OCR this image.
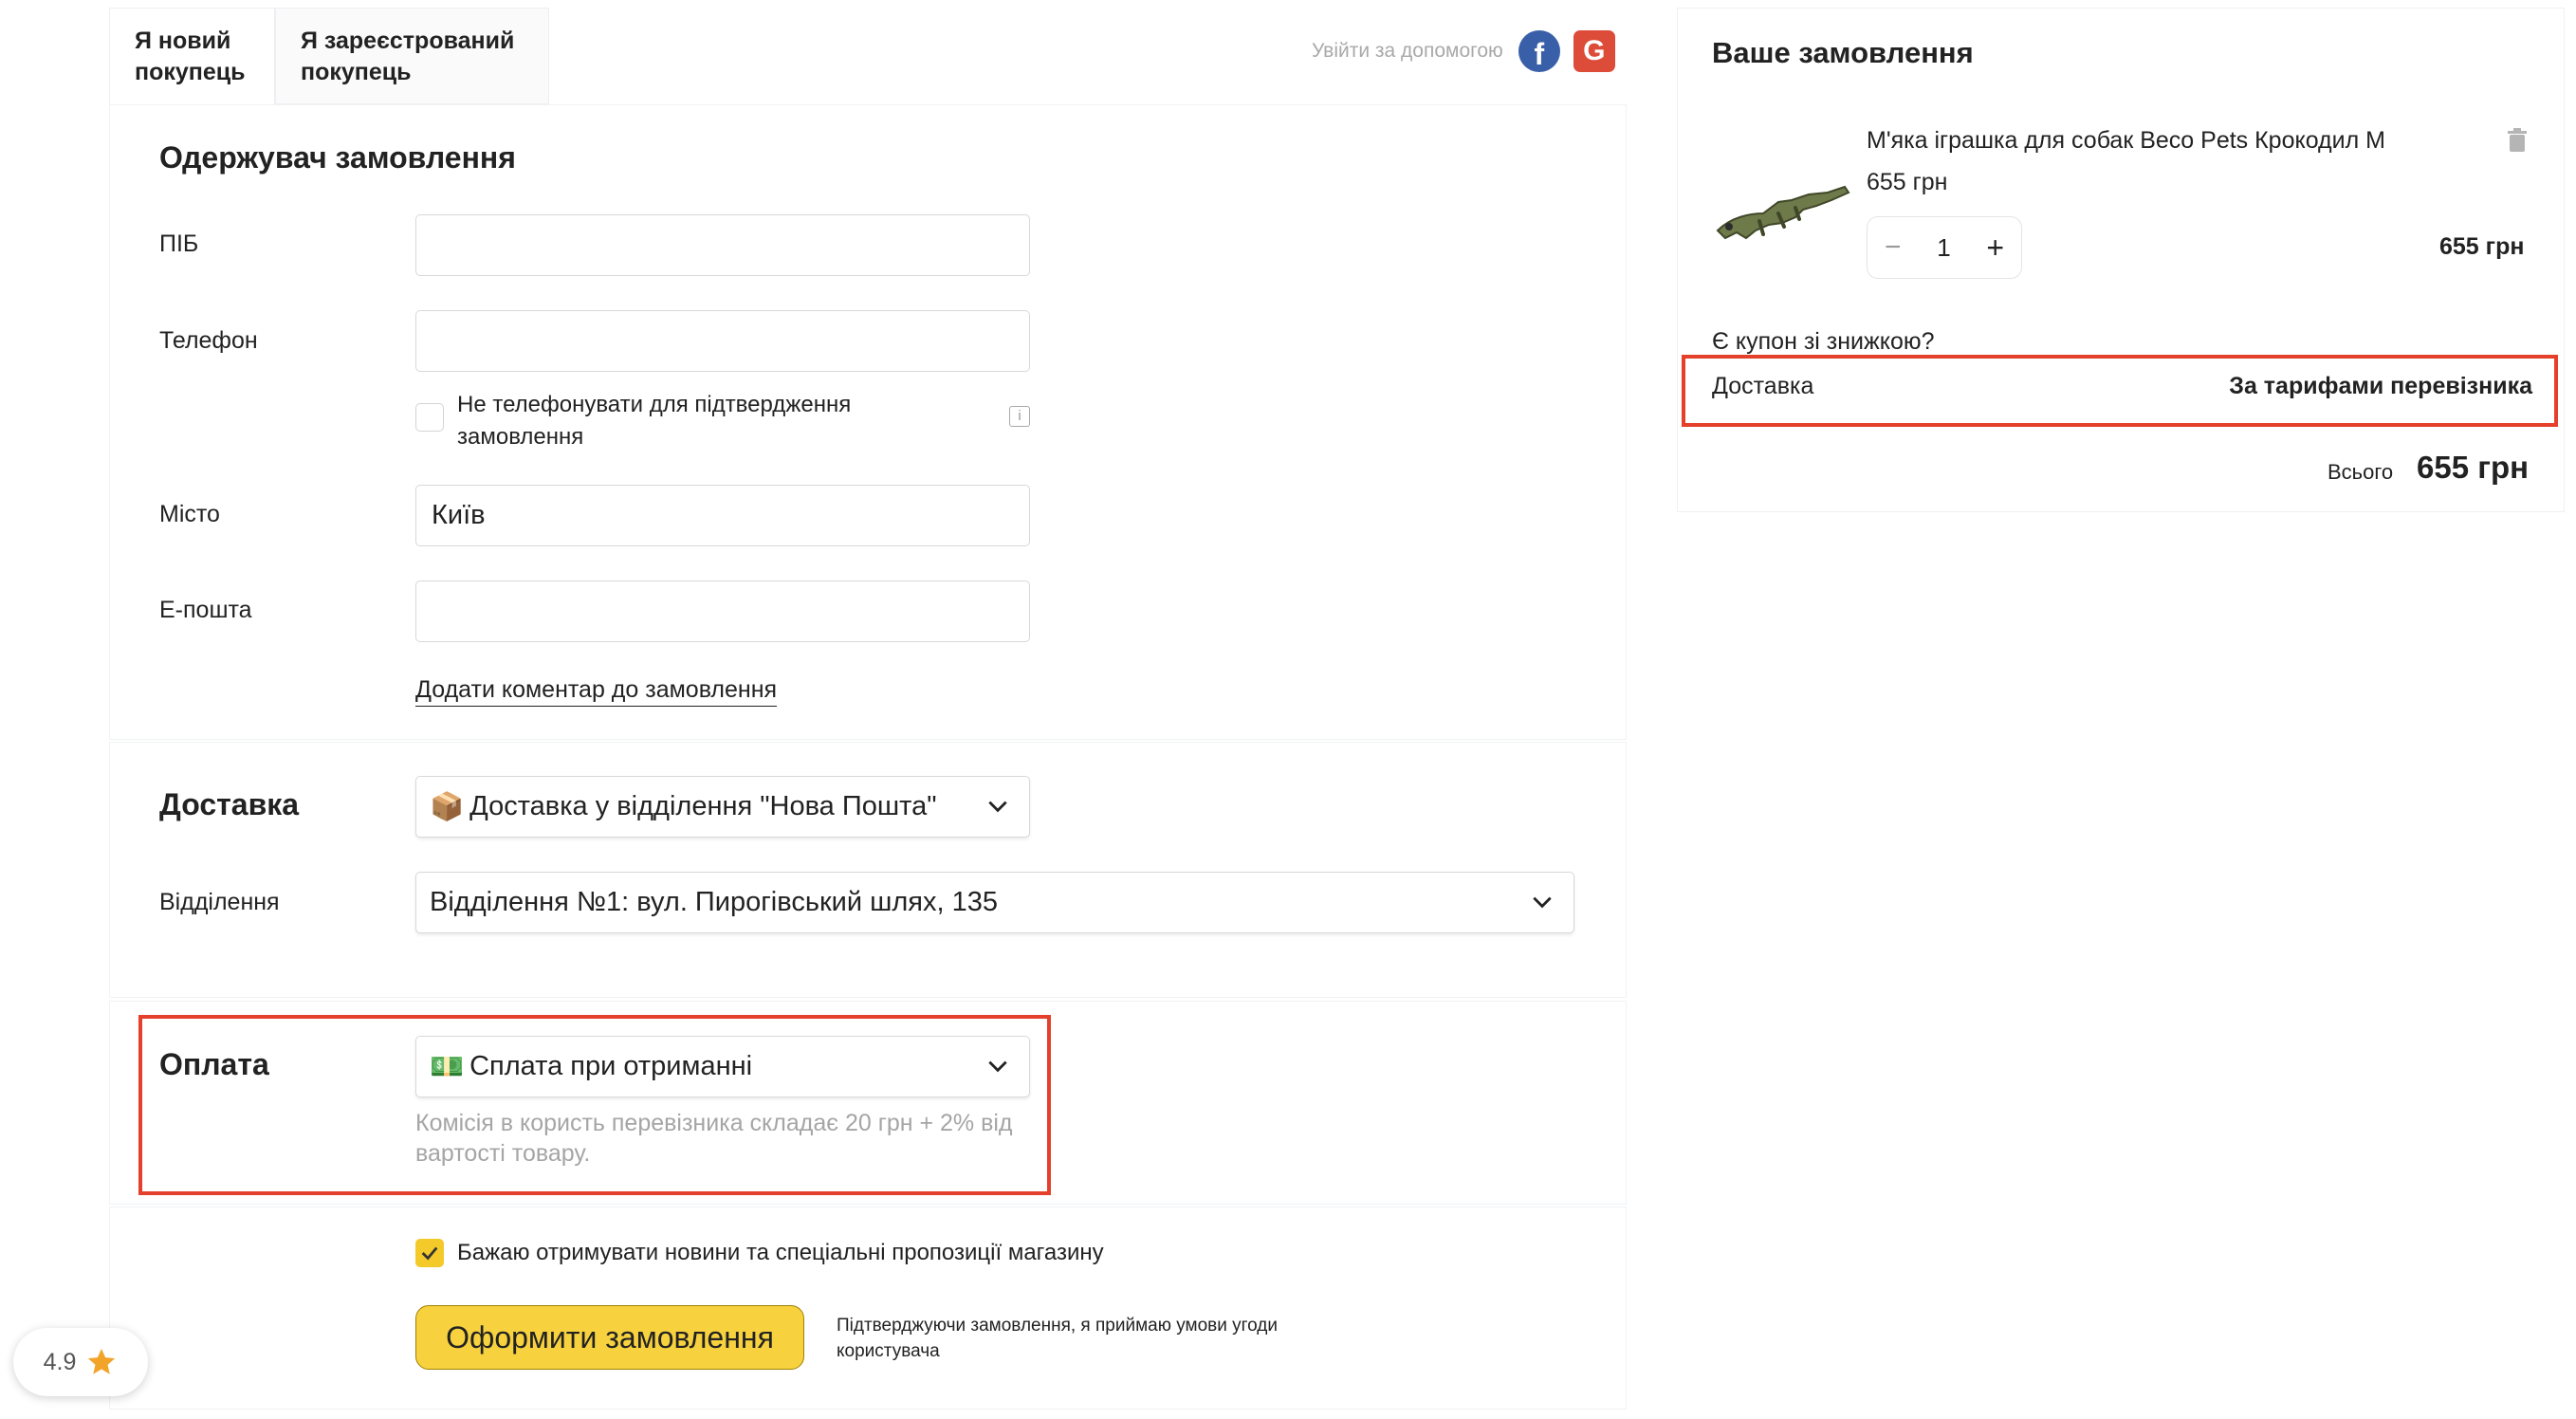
Я новий покупець
Я зареєстрований покупець
Увійти за допомогою	f	G
Одержувач замовлення
ПІБ
Телефон
Не телефонувати для підтвердження замовлення
i
Місто	Київ
E-пошта
Додати коментар до замовлення
Доставка	📦 Доставка у відділення "Нова Пошта"
Відділення	Відділення №1: вул. Пирогівський шлях, 135
Оплата	💵 Сплата при отриманні
Комісія в користь перевізника складає 20 грн + 2% від вартості товару.
Бажаю отримувати новини та спеціальні пропозиції магазину
Оформити замовлення	Підтверджуючи замовлення, я приймаю умови угоди користувача
Ваше замовлення
М'яка іграшка для собак Beco Pets Крокодил M
655 грн
− 1 +	655 грн
Є купон зі знижкою?
Доставка	За тарифами перевізника
Всього 655 грн
4.9
